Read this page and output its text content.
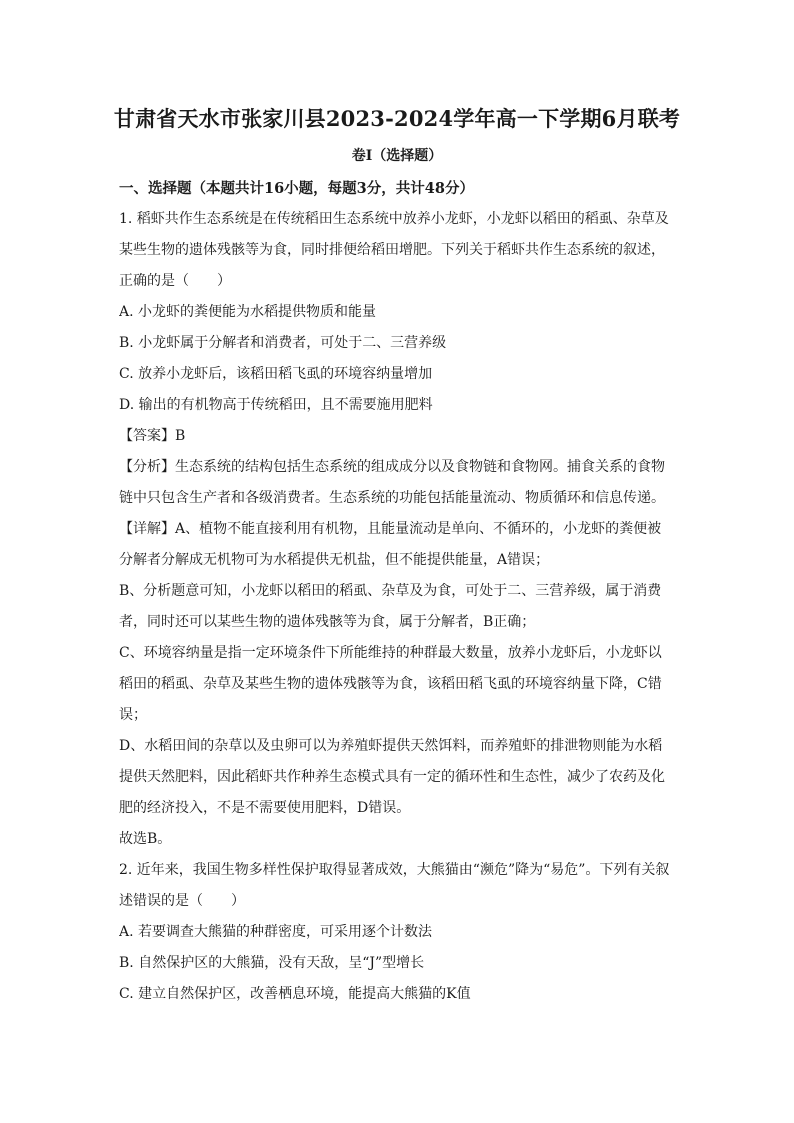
甘肃省天水市张家川县2023-2024学年高一下学期6月联考
卷Ⅰ（选择题）
一、选择题（本题共计16小题，每题3分，共计48分）
1. 稻虾共作生态系统是在传统稻田生态系统中放养小龙虾，小龙虾以稻田的稻虱、杂草及
某些生物的遗体残骸等为食，同时排便给稻田增肥。下列关于稻虾共作生态系统的叙述，
正确的是（　　）
A. 小龙虾的粪便能为水稻提供物质和能量
B. 小龙虾属于分解者和消费者，可处于二、三营养级
C. 放养小龙虾后，该稻田稻飞虱的环境容纳量增加
D. 输出的有机物高于传统稻田，且不需要施用肥料
【答案】B
【分析】生态系统的结构包括生态系统的组成成分以及食物链和食物网。捕食关系的食物
链中只包含生产者和各级消费者。生态系统的功能包括能量流动、物质循环和信息传递。
【详解】A、植物不能直接利用有机物，且能量流动是单向、不循环的，小龙虾的粪便被
分解者分解成无机物可为水稻提供无机盐，但不能提供能量，A错误；
B、分析题意可知，小龙虾以稻田的稻虱、杂草及为食，可处于二、三营养级，属于消费
者，同时还可以某些生物的遗体残骸等为食，属于分解者，B正确；
C、环境容纳量是指一定环境条件下所能维持的种群最大数量，放养小龙虾后，小龙虾以
稻田的稻虱、杂草及某些生物的遗体残骸等为食，该稻田稻飞虱的环境容纳量下降，C错
误；
D、水稻田间的杂草以及虫卵可以为养殖虾提供天然饵料，而养殖虾的排泄物则能为水稻
提供天然肥料，因此稻虾共作种养生态模式具有一定的循环性和生态性，减少了农药及化
肥的经济投入，不是不需要使用肥料，D错误。
故选B。
2. 近年来，我国生物多样性保护取得显著成效，大熊猫由“濒危”降为“易危”。下列有关叙
述错误的是（　　）
A. 若要调查大熊猫的种群密度，可采用逐个计数法
B. 自然保护区的大熊猫，没有天敌，呈“J”型增长
C. 建立自然保护区，改善栖息环境，能提高大熊猫的K值
